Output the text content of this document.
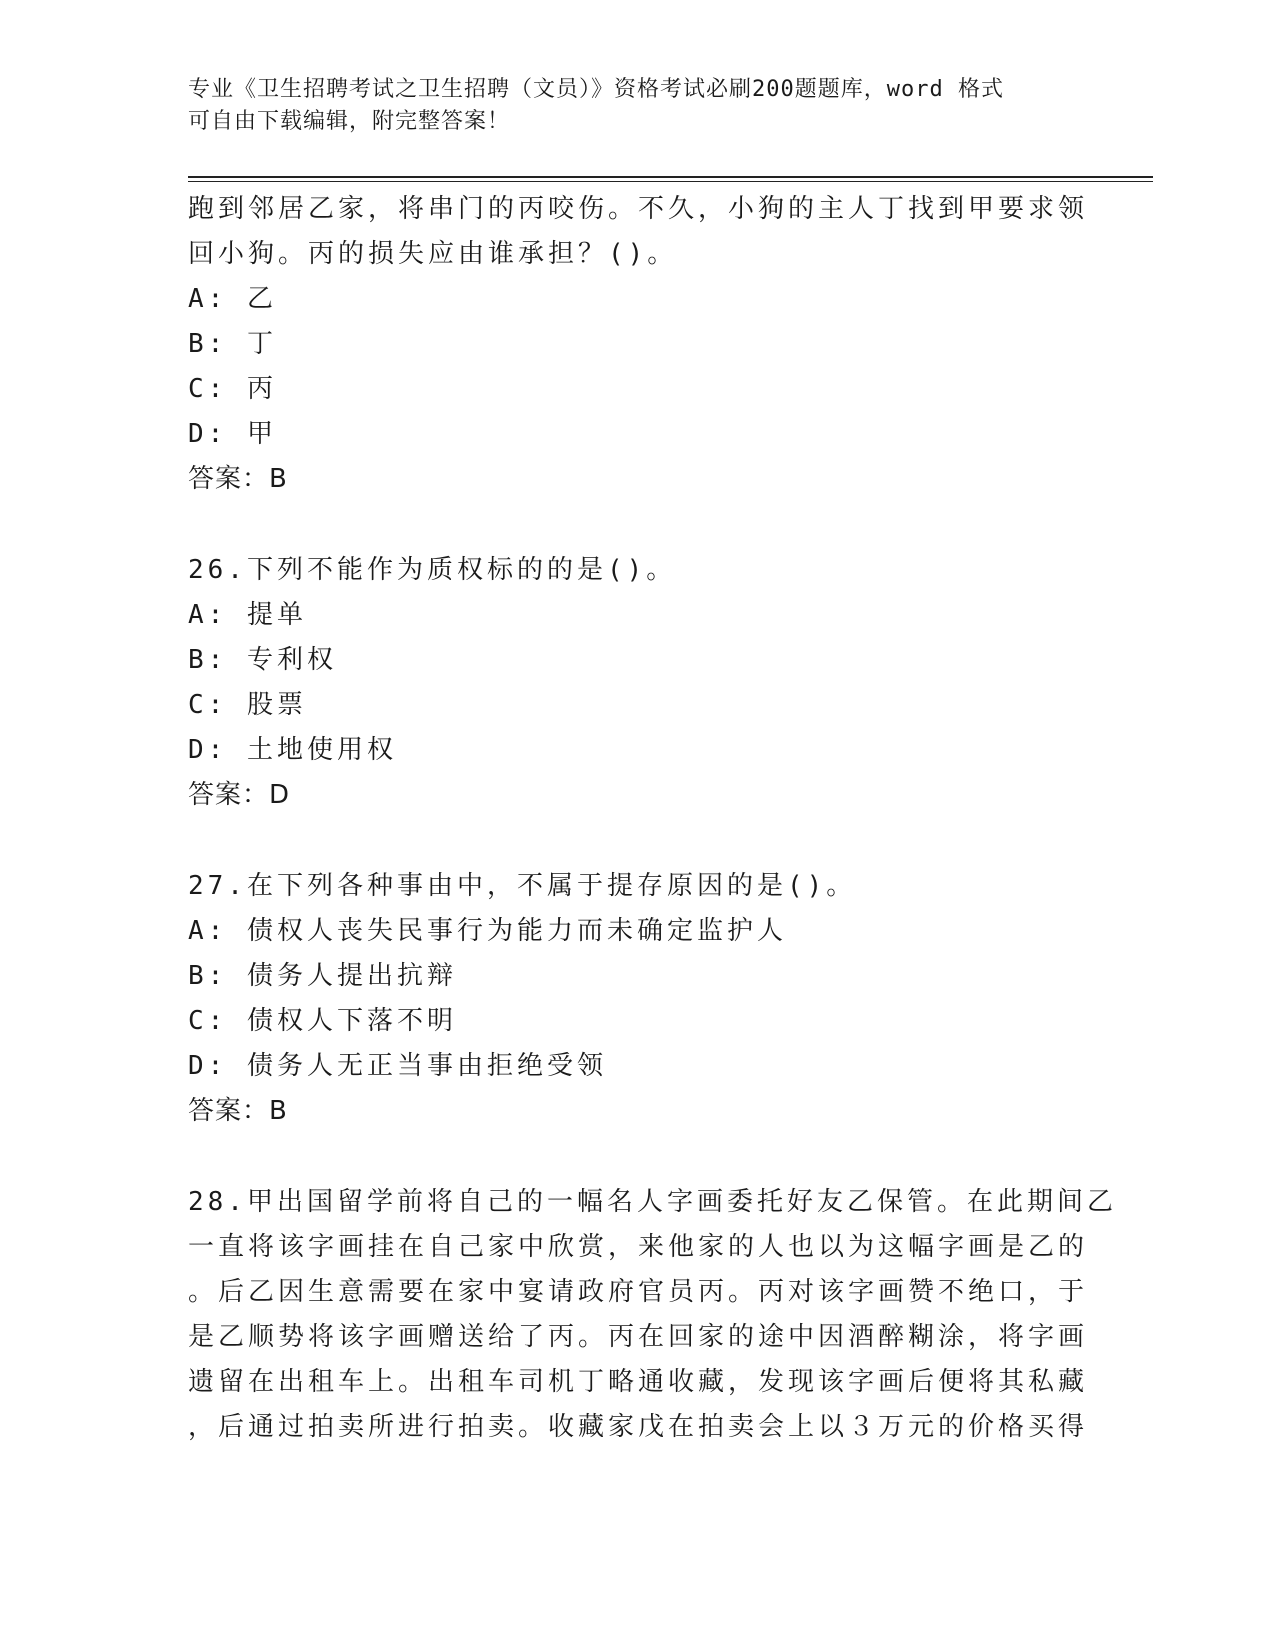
专业《卫生招聘考试之卫生招聘（文员）》资格考试必刷200题题库，word 格式
可自由下载编辑，附完整答案！
跑到邻居乙家，将串门的丙咬伤。不久，小狗的主人丁找到甲要求领
回小狗。丙的损失应由谁承担？()。
A: 乙
B: 丁
C: 丙
D: 甲
答案：B
26.下列不能作为质权标的的是()。
A: 提单
B: 专利权
C: 股票
D: 土地使用权
答案：D
27.在下列各种事由中，不属于提存原因的是()。
A: 债权人丧失民事行为能力而未确定监护人
B: 债务人提出抗辩
C: 债权人下落不明
D: 债务人无正当事由拒绝受领
答案：B
28.甲出国留学前将自己的一幅名人字画委托好友乙保管。在此期间乙
一直将该字画挂在自己家中欣赏，来他家的人也以为这幅字画是乙的
。后乙因生意需要在家中宴请政府官员丙。丙对该字画赞不绝口，于
是乙顺势将该字画赠送给了丙。丙在回家的途中因酒醉糊涂，将字画
遗留在出租车上。出租车司机丁略通收藏，发现该字画后便将其私藏
，后通过拍卖所进行拍卖。收藏家戊在拍卖会上以３万元的价格买得
